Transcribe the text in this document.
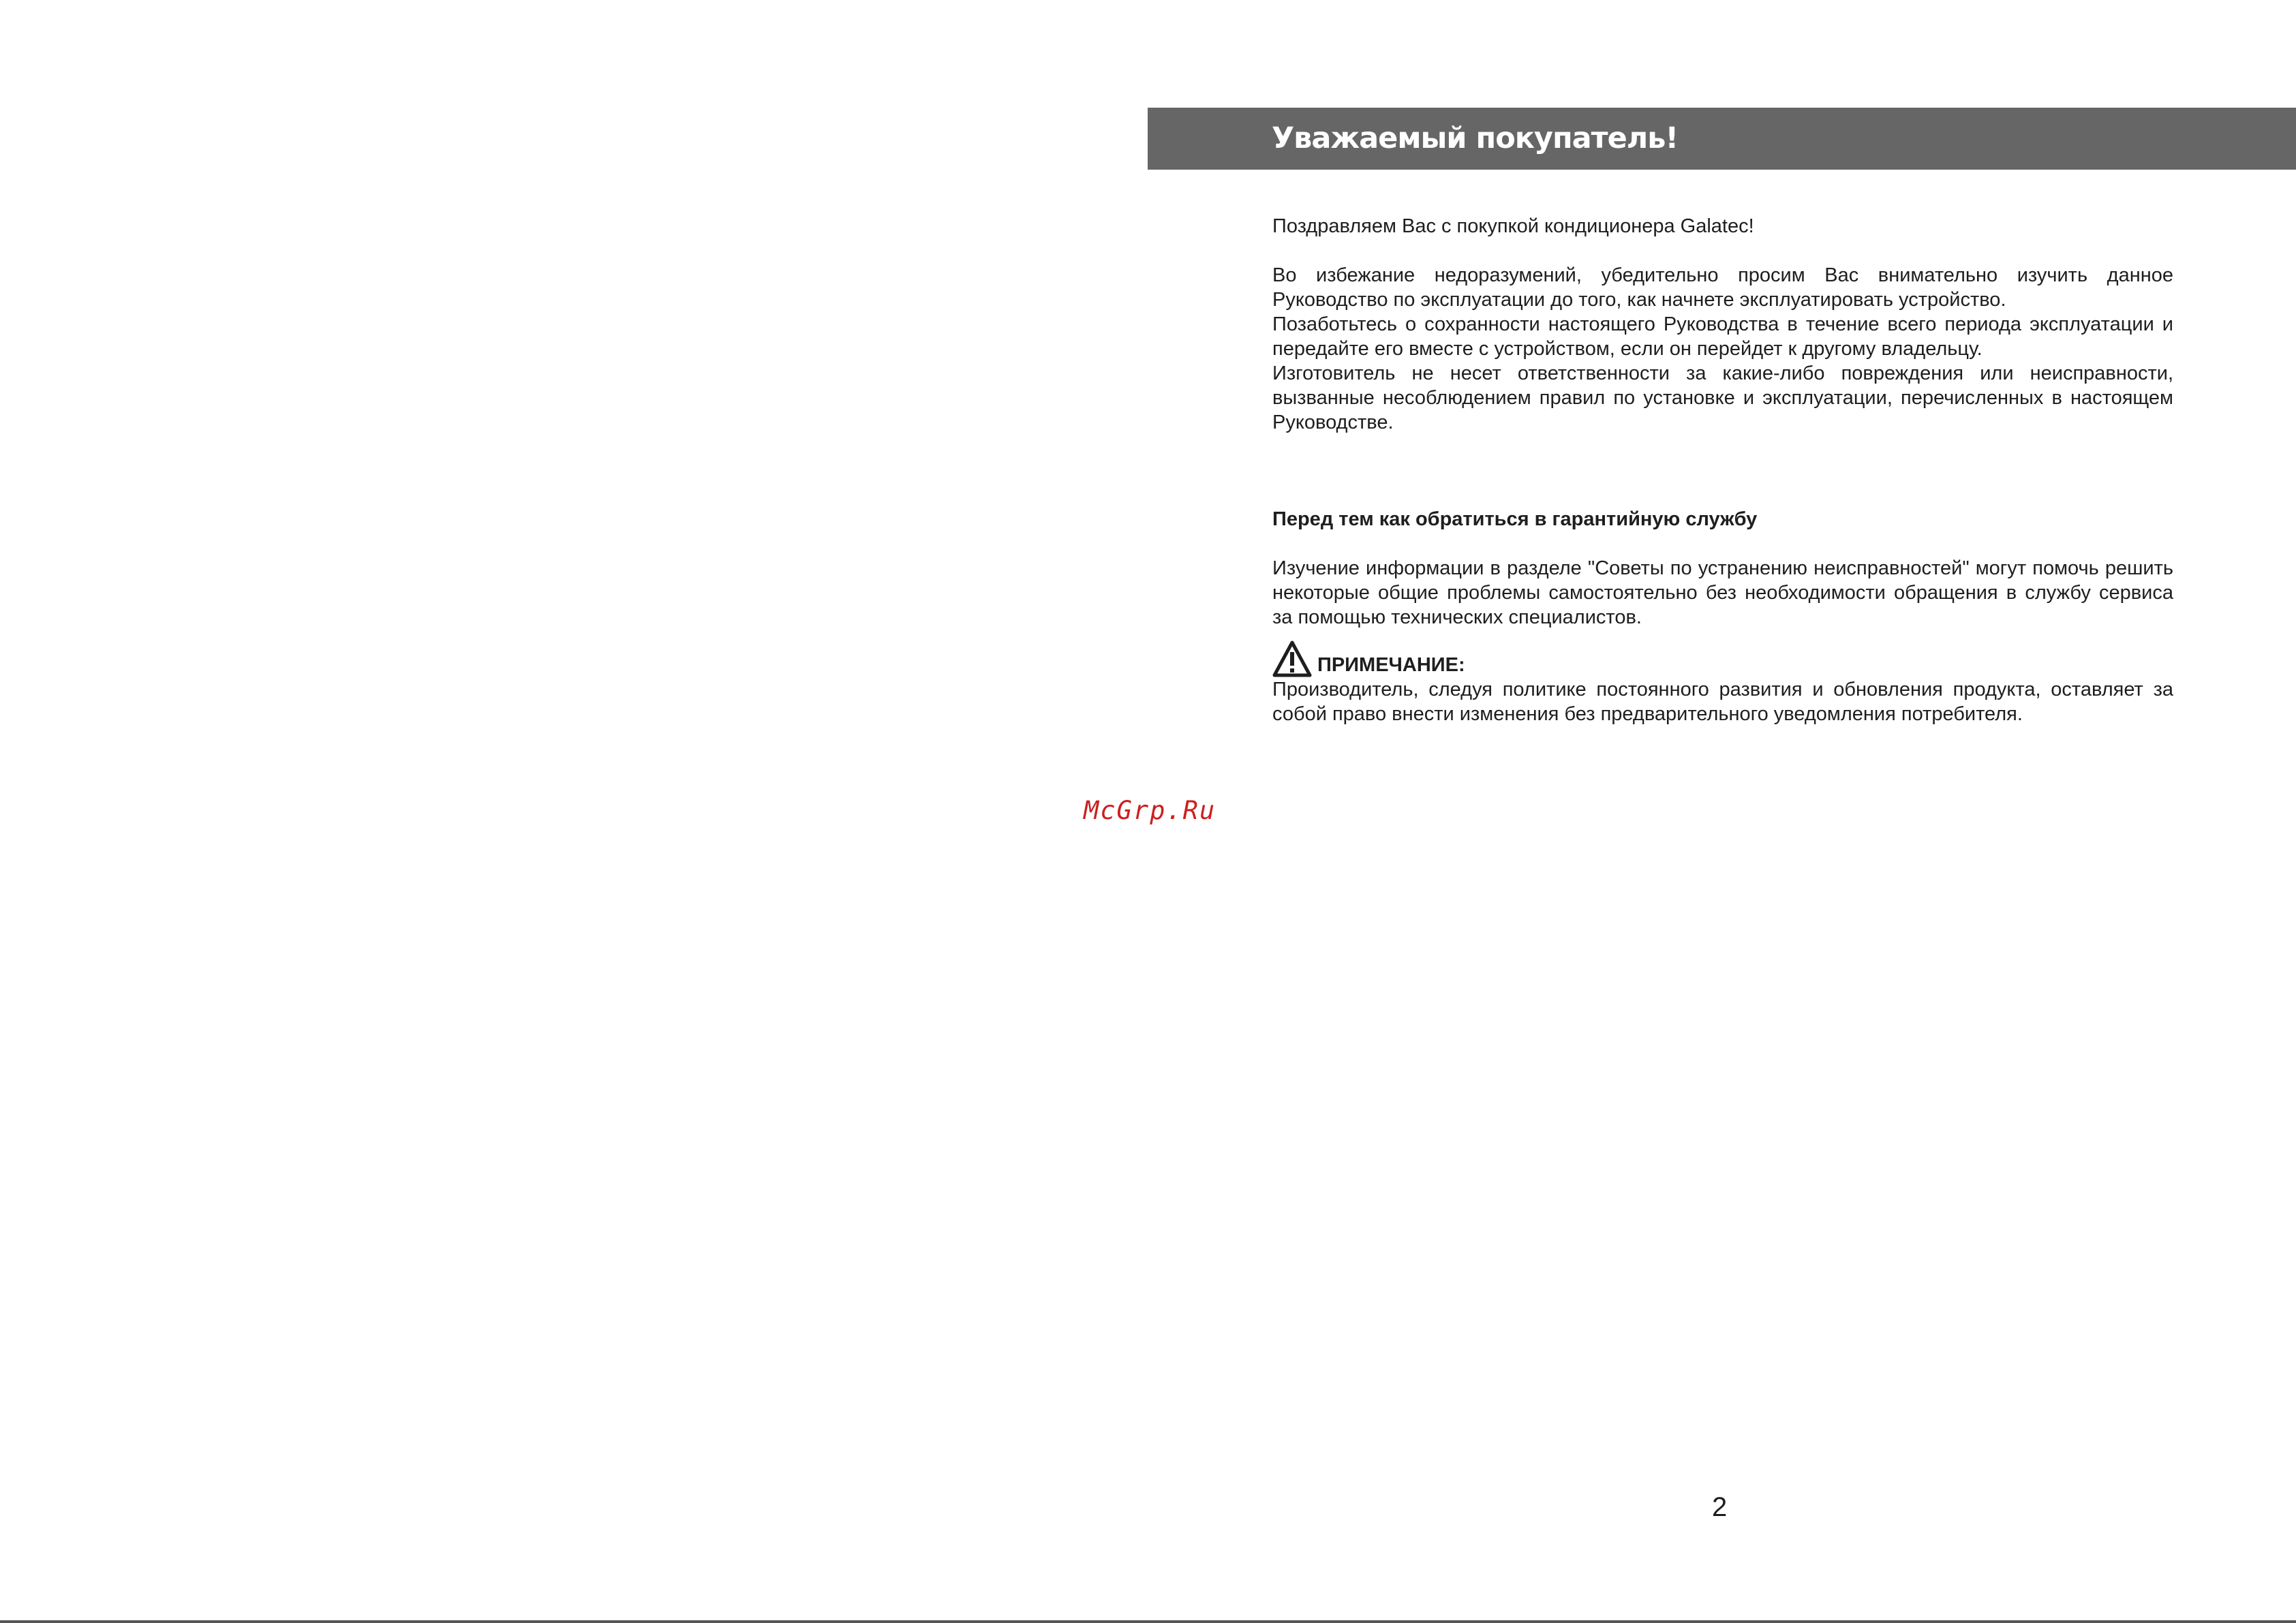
Уважаемый покупатель!

Поздравляем Вас с покупкой кондиционера Galatec!

Во избежание недоразумений, убедительно просим Вас внимательно изучить данное Руководство по эксплуатации до того, как начнете эксплуатировать устройство.

Позаботьтесь о сохранности настоящего Руководства в течение всего периода эксплуатации и передайте его вместе с устройством, если он перейдет к другому владельцу.

Изготовитель не несет ответственности за какие-либо повреждения или неисправности, вызванные несоблюдением правил по установке и эксплуатации, перечисленных в настоящем Руководстве.

Перед тем как обратиться в гарантийную службу

Изучение информации в разделе "Советы по устранению неисправностей" могут помочь решить некоторые общие проблемы самостоятельно без необходимости обращения в службу сервиса за помощью технических специалистов.

ПРИМЕЧАНИЕ:

Производитель, следуя политике постоянного развития и обновления продукта, оставляет за собой право внести изменения без предварительного уведомления потребителя.

McGrp.Ru
2
